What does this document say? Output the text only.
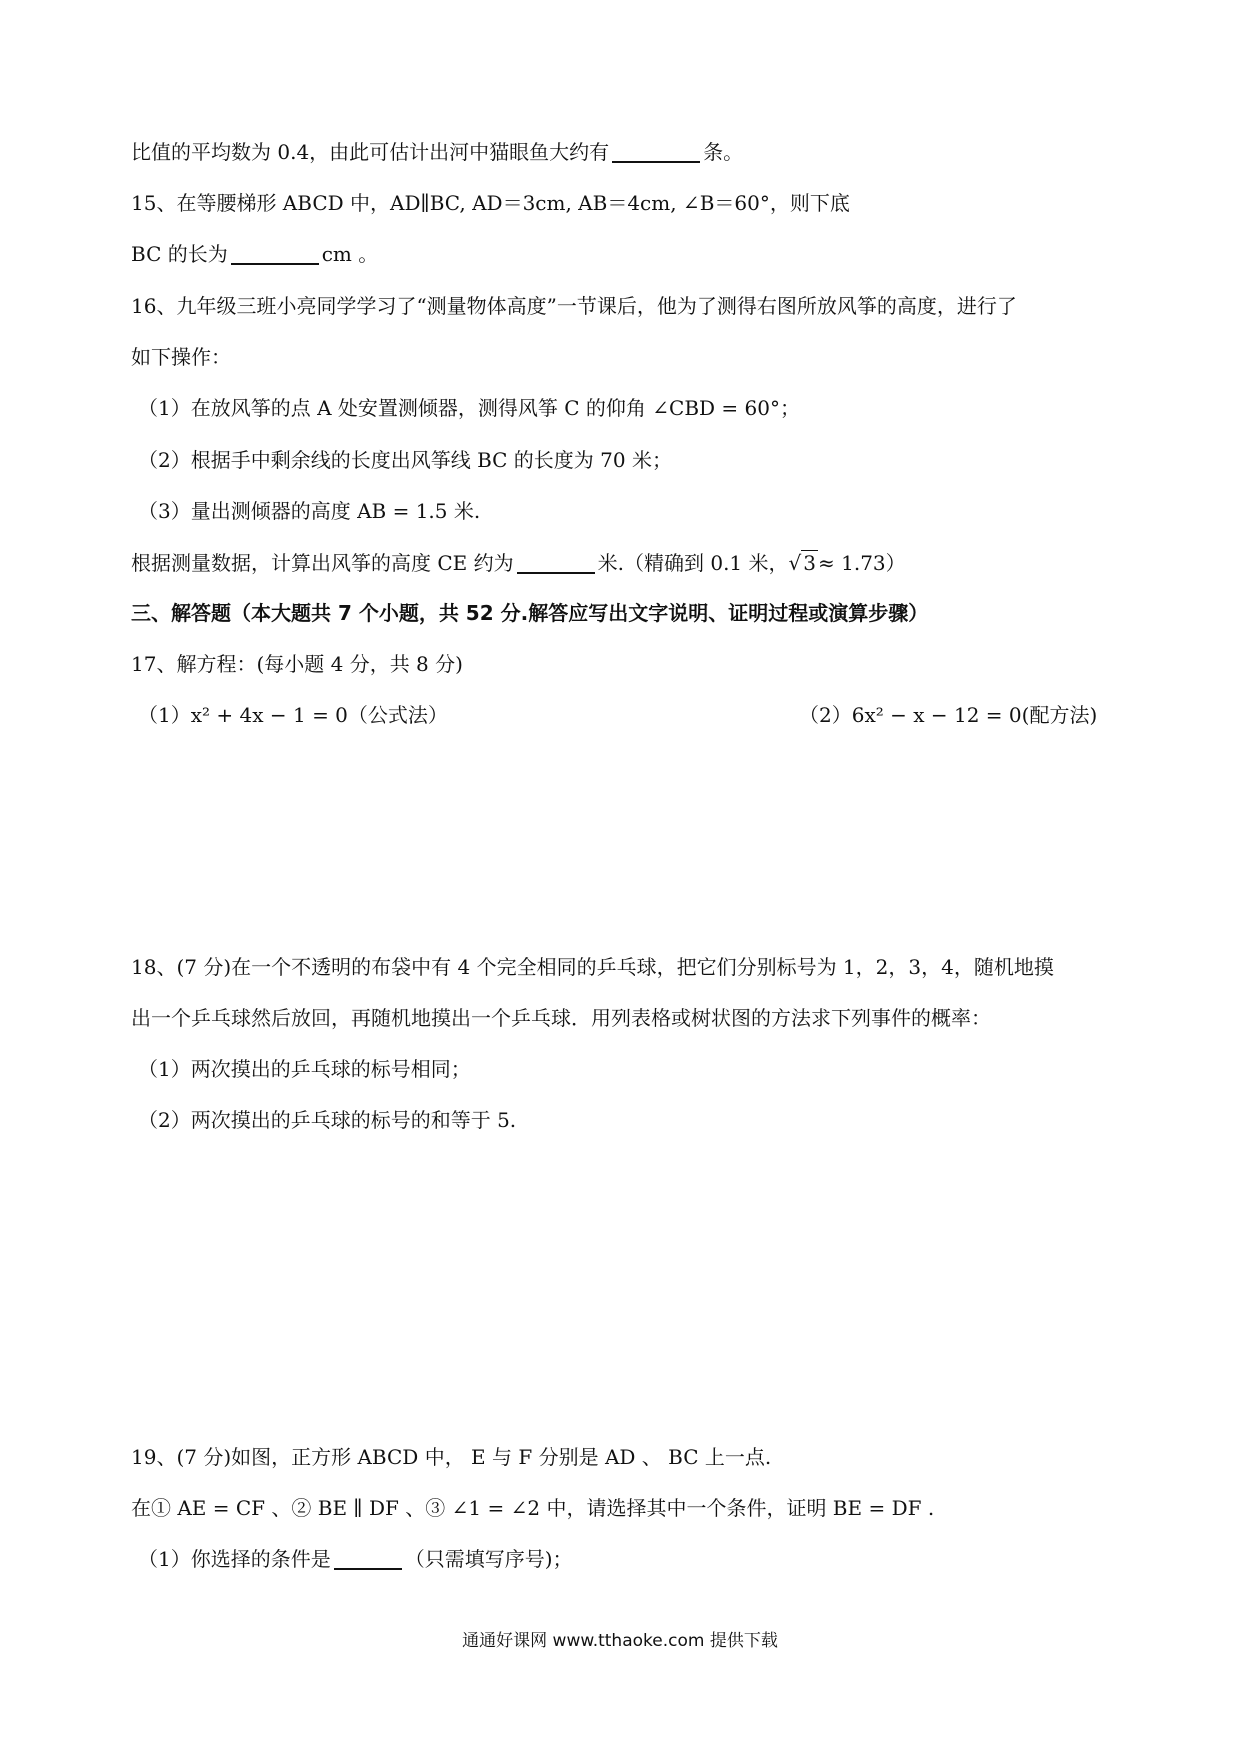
比值的平均数为 0.4，由此可估计出河中猫眼鱼大约有	条。
15、在等腰梯形 ABCD 中，AD∥BC, AD＝3cm, AB＝4cm, ∠B＝60°，则下底
BC 的长为	cm 。
16、九年级三班小亮同学学习了“测量物体高度”一节课后，他为了测得右图所放风筝的高度，进行了
如下操作：
（1）在放风筝的点 A 处安置测倾器，测得风筝 C 的仰角 ∠CBD = 60°；
（2）根据手中剩余线的长度出风筝线 BC 的长度为 70 米；
（3）量出测倾器的高度 AB = 1.5 米.
根据测量数据，计算出风筝的高度 CE 约为	米.（精确到 0.1 米，√ 3 ≈ 1.73）
三、解答题（本大题共 7 个小题，共 52 分.解答应写出文字说明、证明过程或演算步骤）
17、解方程：(每小题 4 分，共 8 分)
（1）x² + 4x − 1 = 0（公式法）	（2）6x² − x − 12 = 0(配方法)
18、(7 分)在一个不透明的布袋中有 4 个完全相同的乒乓球，把它们分别标号为 1，2，3，4，随机地摸
出一个乒乓球然后放回，再随机地摸出一个乒乓球．用列表格或树状图的方法求下列事件的概率：
（1）两次摸出的乒乓球的标号相同；
（2）两次摸出的乒乓球的标号的和等于 5.
19、(7 分)如图，正方形 ABCD 中， E 与 F 分别是 AD 、 BC 上一点.
在① AE = CF 、② BE ∥ DF 、③ ∠1 = ∠2 中，请选择其中一个条件，证明 BE = DF .
（1）你选择的条件是	（只需填写序号)；
通通好课网 www.tthaoke.com 提供下载
